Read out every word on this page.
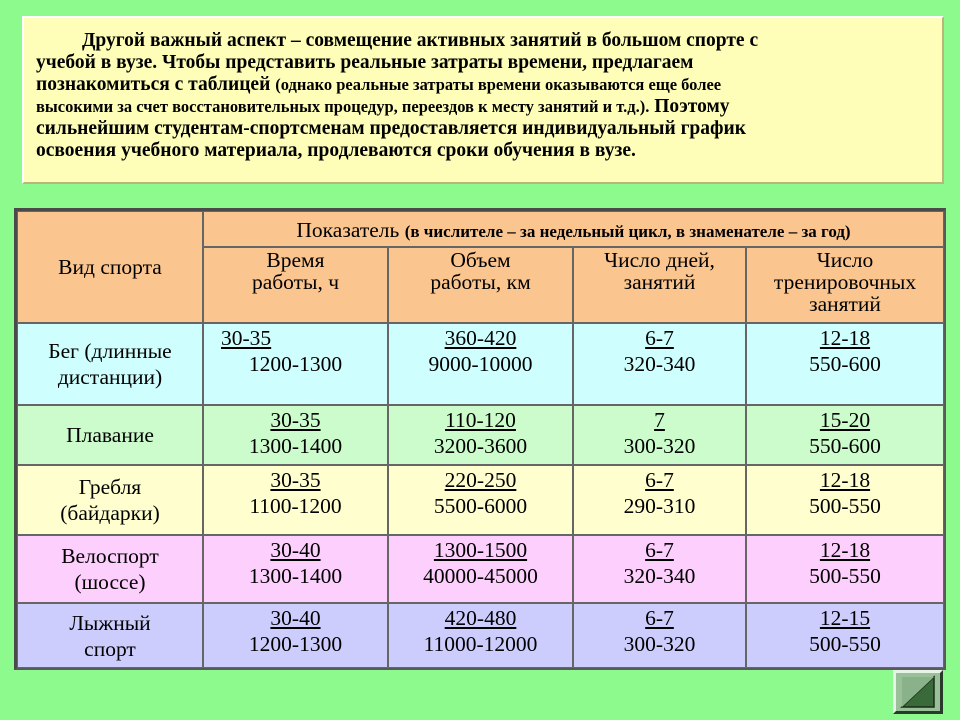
Другой важный аспект – совмещение активных занятий в большом спорте с
учебой в вузе. Чтобы представить реальные затраты времени, предлагаем
познакомиться с таблицей (однако реальные затраты времени оказываются еще более
высокими за счет восстановительных процедур, переездов к месту занятий и т.д.). Поэтому
сильнейшим студентам-спортсменам предоставляется индивидуальный график
освоения учебного материала, продлеваются сроки обучения в вузе.

Вид спорта
Показатель (в числителе – за недельный цикл, в знаменателе – за год)
Время
работы, ч
Объем
работы, км
Число дней,
занятий
Число
тренировочных
занятий
Бег (длинные
дистанции)
30-35
$1200-1300 \frac{360-420}{9000-10000} \frac{6-7}{320-340} \frac{12-18}{550-600}$
Плавание $\frac{30-35}{1300-1400} \frac{110-120}{3200-3600} \frac{7}{300-320} \frac{15-20}{550-600}$
Гребля
(байдарки) $\frac{30-35}{1100-1200} \frac{220-250}{5500-6000} \frac{6-7}{290-310} \frac{12-18}{500-550}$
Велоспорт
(шоссе)	$\frac{30-40}{1300-1400} \frac{1300-1500}{40000-45000} \frac{6-7}{320-340} \frac{12-18}{500-550}$
Лыжный
спорт	$\frac{30-40}{1200-1300} \frac{420-480}{11000-12000} \frac{6-7}{300-320} \frac{12-15}{500-550}$
